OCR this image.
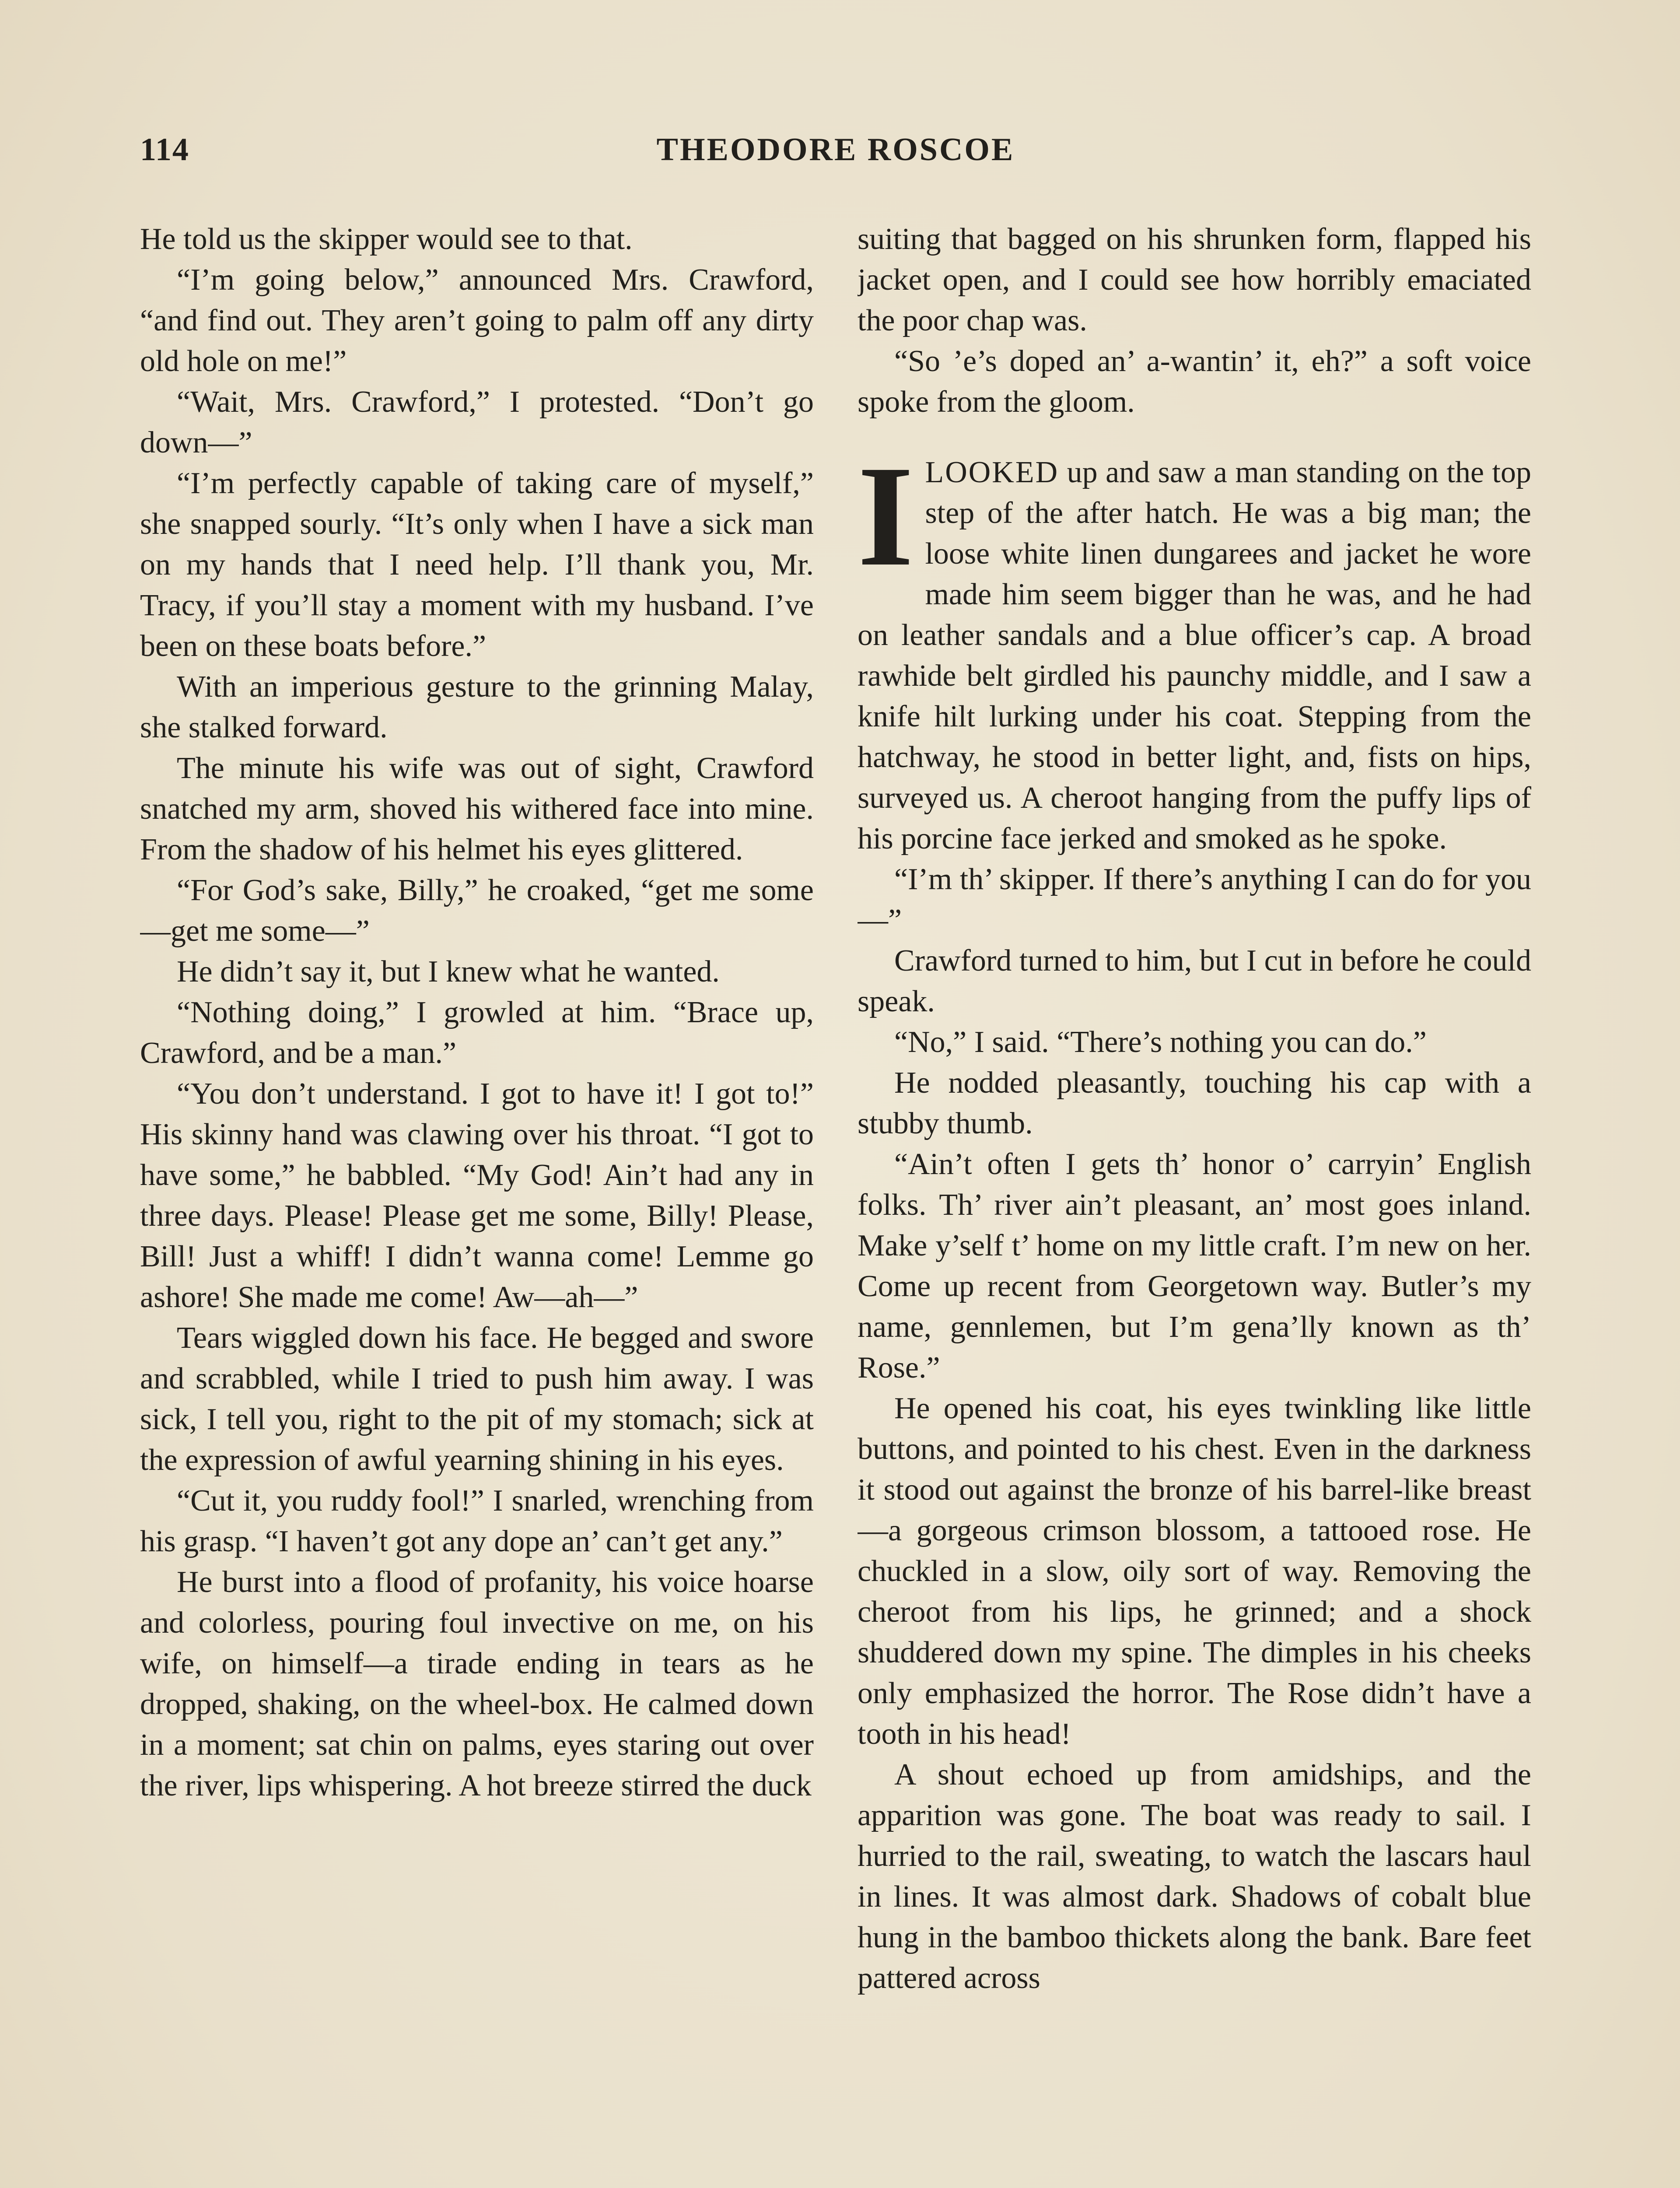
114	THEODORE ROSCOE

He told us the skipper would see to that.

“I’m going below,” announced Mrs. Crawford, “and find out. They aren’t going to palm off any dirty old hole on me!”

“Wait, Mrs. Crawford,” I protested. “Don’t go down—”

“I’m perfectly capable of taking care of myself,” she snapped sourly. “It’s only when I have a sick man on my hands that I need help. I’ll thank you, Mr. Tracy, if you’ll stay a moment with my husband. I’ve been on these boats before.”

With an imperious gesture to the grinning Malay, she stalked forward.

The minute his wife was out of sight, Crawford snatched my arm, shoved his withered face into mine. From the shadow of his helmet his eyes glittered.

“For God’s sake, Billy,” he croaked, “get me some—get me some—”

He didn’t say it, but I knew what he wanted.

“Nothing doing,” I growled at him. “Brace up, Crawford, and be a man.”

“You don’t understand. I got to have it! I got to!” His skinny hand was clawing over his throat. “I got to have some,” he babbled. “My God! Ain’t had any in three days. Please! Please get me some, Billy! Please, Bill! Just a whiff! I didn’t wanna come! Lemme go ashore! She made me come! Aw—ah—”

Tears wiggled down his face. He begged and swore and scrabbled, while I tried to push him away. I was sick, I tell you, right to the pit of my stomach; sick at the expression of awful yearning shining in his eyes.

“Cut it, you ruddy fool!” I snarled, wrenching from his grasp. “I haven’t got any dope an’ can’t get any.”

He burst into a flood of profanity, his voice hoarse and colorless, pouring foul invective on me, on his wife, on himself—a tirade ending in tears as he dropped, shaking, on the wheel-box. He calmed down in a moment; sat chin on palms, eyes staring out over the river, lips whispering. A hot breeze stirred the duck

suiting that bagged on his shrunken form, flapped his jacket open, and I could see how horribly emaciated the poor chap was.

“So ’e’s doped an’ a-wantin’ it, eh?” a soft voice spoke from the gloom.

ILOOKED up and saw a man standing on the top step of the after hatch. He was a big man; the loose white linen dungarees and jacket he wore made him seem bigger than he was, and he had on leather sandals and a blue officer’s cap. A broad rawhide belt girdled his paunchy middle, and I saw a knife hilt lurking under his coat. Stepping from the hatchway, he stood in better light, and, fists on hips, surveyed us. A cheroot hanging from the puffy lips of his porcine face jerked and smoked as he spoke.

“I’m th’ skipper. If there’s anything I can do for you—”

Crawford turned to him, but I cut in before he could speak.

“No,” I said. “There’s nothing you can do.”

He nodded pleasantly, touching his cap with a stubby thumb.

“Ain’t often I gets th’ honor o’ carryin’ English folks. Th’ river ain’t pleasant, an’ most goes inland. Make y’self t’ home on my little craft. I’m new on her. Come up recent from Georgetown way. Butler’s my name, gennlemen, but I’m gena’lly known as th’ Rose.”

He opened his coat, his eyes twinkling like little buttons, and pointed to his chest. Even in the darkness it stood out against the bronze of his barrel-like breast—a gorgeous crimson blossom, a tattooed rose. He chuckled in a slow, oily sort of way. Removing the cheroot from his lips, he grinned; and a shock shuddered down my spine. The dimples in his cheeks only emphasized the horror. The Rose didn’t have a tooth in his head!

A shout echoed up from amidships, and the apparition was gone. The boat was ready to sail. I hurried to the rail, sweating, to watch the lascars haul in lines. It was almost dark. Shadows of cobalt blue hung in the bamboo thickets along the bank. Bare feet pattered across
